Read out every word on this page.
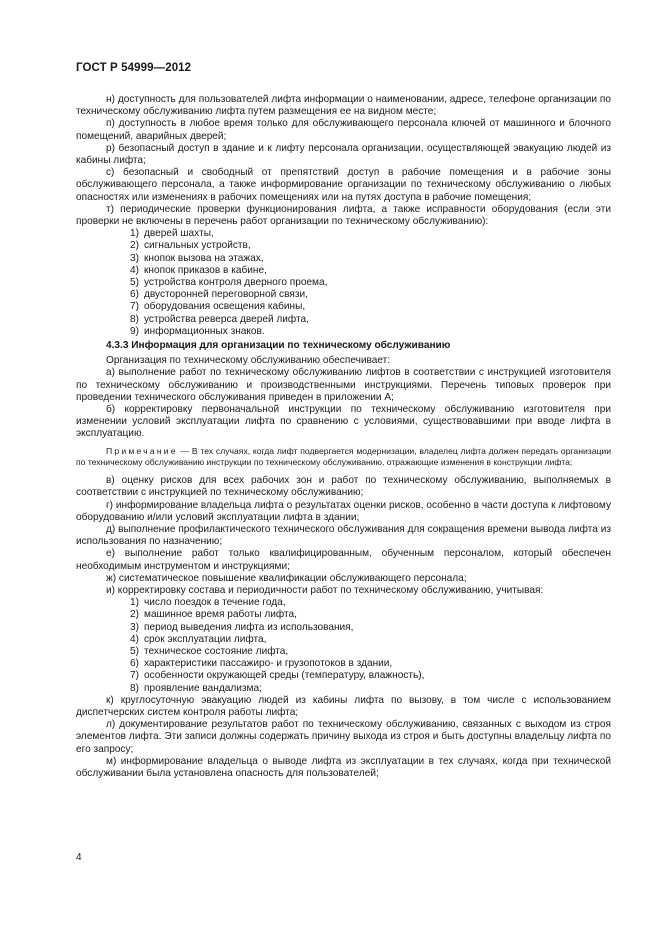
ГОСТ Р 54999—2012

н) доступность для пользователей лифта информации о наименовании, адресе, телефоне организации по техническому обслуживанию лифта путем размещения ее на видном месте;

п) доступность в любое время только для обслуживающего персонала ключей от машинного и блочного помещений, аварийных дверей;

р) безопасный доступ в здание и к лифту персонала организации, осуществляющей эвакуацию людей из кабины лифта;

с) безопасный и свободный от препятствий доступ в рабочие помещения и в рабочие зоны обслуживающего персонала, а также информирование организации по техническому обслуживанию о любых опасностях или изменениях в рабочих помещениях или на путях доступа в рабочие помещения;

т) периодические проверки функционирования лифта, а также исправности оборудования (если эти проверки не включены в перечень работ организации по техническому обслуживанию):

1) дверей шахты,
2) сигнальных устройств,
3) кнопок вызова на этажах,
4) кнопок приказов в кабине,
5) устройства контроля дверного проема,
6) двусторонней переговорной связи,
7) оборудования освещения кабины,
8) устройства реверса дверей лифта,
9) информационных знаков.

4.3.3 Информация для организации по техническому обслуживанию

Организация по техническому обслуживанию обеспечивает:

а) выполнение работ по техническому обслуживанию лифтов в соответствии с инструкцией изготовителя по техническому обслуживанию и производственными инструкциями. Перечень типовых проверок при проведении технического обслуживания приведен в приложении А;

б) корректировку первоначальной инструкции по техническому обслуживанию изготовителя при изменении условий эксплуатации лифта по сравнению с условиями, существовавшими при вводе лифта в эксплуатацию.

Примечание — В тех случаях, когда лифт подвергается модернизации, владелец лифта должен передать организации по техническому обслуживанию инструкции по техническому обслуживанию, отражающие изменения в конструкции лифта;

в) оценку рисков для всех рабочих зон и работ по техническому обслуживанию, выполняемых в соответствии с инструкцией по техническому обслуживанию;

г) информирование владельца лифта о результатах оценки рисков, особенно в части доступа к лифтовому оборудованию и/или условий эксплуатации лифта в здании;

д) выполнение профилактического технического обслуживания для сокращения времени вывода лифта из использования по назначению;

е) выполнение работ только квалифицированным, обученным персоналом, который обеспечен необходимым инструментом и инструкциями;

ж) систематическое повышение квалификации обслуживающего персонала;

и) корректировку состава и периодичности работ по техническому обслуживанию, учитывая:

1) число поездок в течение года,
2) машинное время работы лифта,
3) период выведения лифта из использования,
4) срок эксплуатации лифта,
5) техническое состояние лифта,
6) характеристики пассажиро- и грузопотоков в здании,
7) особенности окружающей среды (температуру, влажность),
8) проявление вандализма;

к) круглосуточную эвакуацию людей из кабины лифта по вызову, в том числе с использованием диспетчерских систем контроля работы лифта;

л) документирование результатов работ по техническому обслуживанию, связанных с выходом из строя элементов лифта. Эти записи должны содержать причину выхода из строя и быть доступны владельцу лифта по его запросу;

м) информирование владельца о выводе лифта из эксплуатации в тех случаях, когда при технической обслуживании была установлена опасность для пользователей;

4
